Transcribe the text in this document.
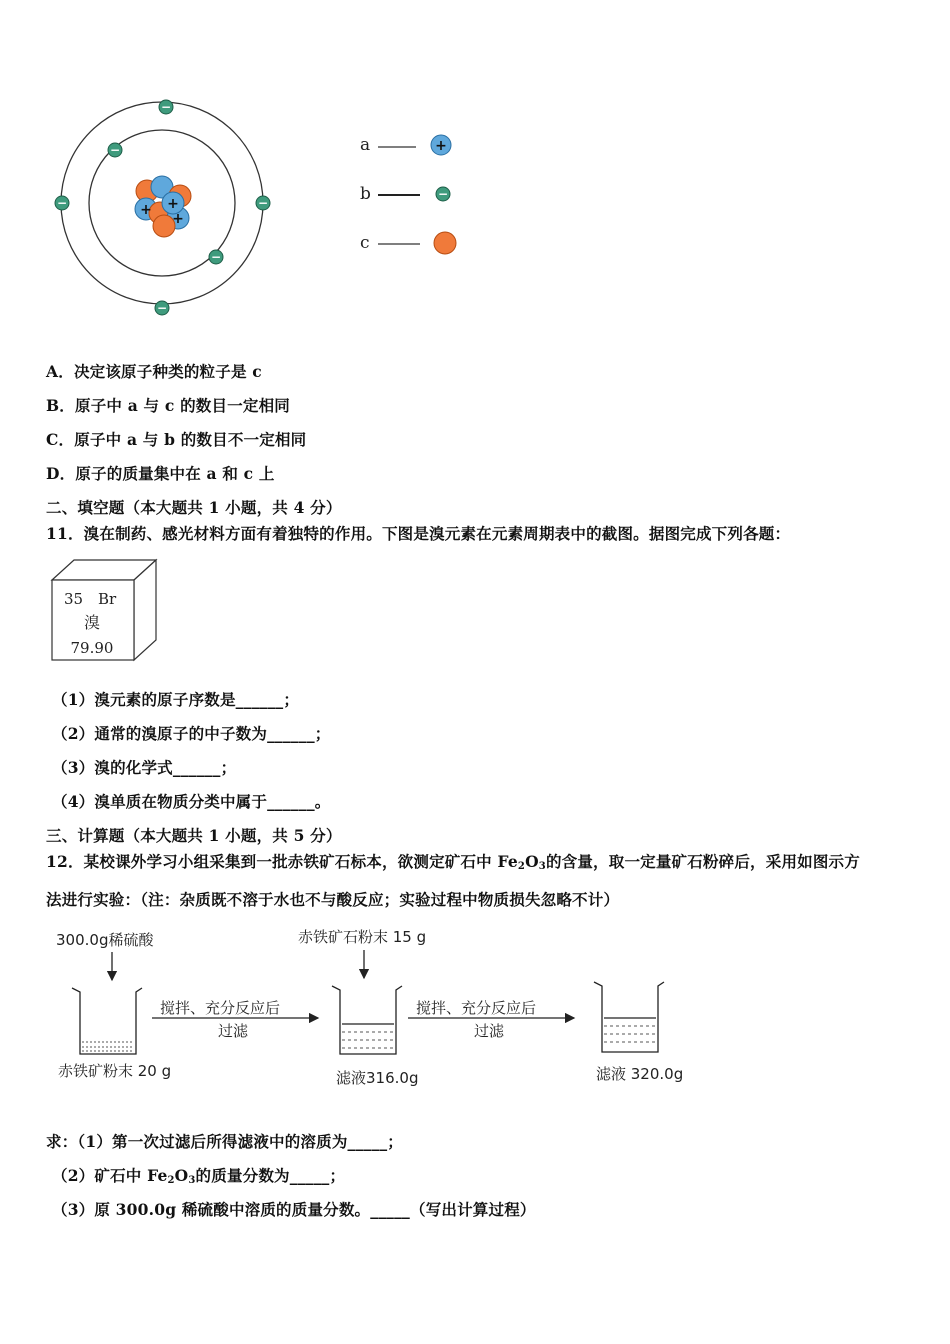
+
+
+
−
−
−	−
−
−
a	+
b	−
c
A．决定该原子种类的粒子是 c
B．原子中 a 与 c 的数目一定相同
C．原子中 a 与 b 的数目不一定相同
D．原子的质量集中在 a 和 c 上
二、填空题（本大题共 1 小题，共 4 分）
11．溴在制药、感光材料方面有着独特的作用。下图是溴元素在元素周期表中的截图。据图完成下列各题：
35 Br
溴
79.90
（1）溴元素的原子序数是______；
（2）通常的溴原子的中子数为______；
（3）溴的化学式______；
（4）溴单质在物质分类中属于______。
三、计算题（本大题共 1 小题，共 5 分）
12．某校课外学习小组采集到一批赤铁矿石标本，欲测定矿石中 $Fe_2O_3$的含量，取一定量矿石粉碎后，采用如图示方
法进行实验：（注：杂质既不溶于水也不与酸反应；实验过程中物质损失忽略不计）
300.0g稀硫酸
赤铁矿粉末 20 g
搅拌、充分反应后
过滤
赤铁矿石粉末 15 g
滤液316.0g
搅拌、充分反应后
过滤
滤液 320.0g
求：（1）第一次过滤后所得滤液中的溶质为_____；
（2）矿石中 $Fe_2O_3$的质量分数为_____；
（3）原 300.0g 稀硫酸中溶质的质量分数。_____（写出计算过程）
